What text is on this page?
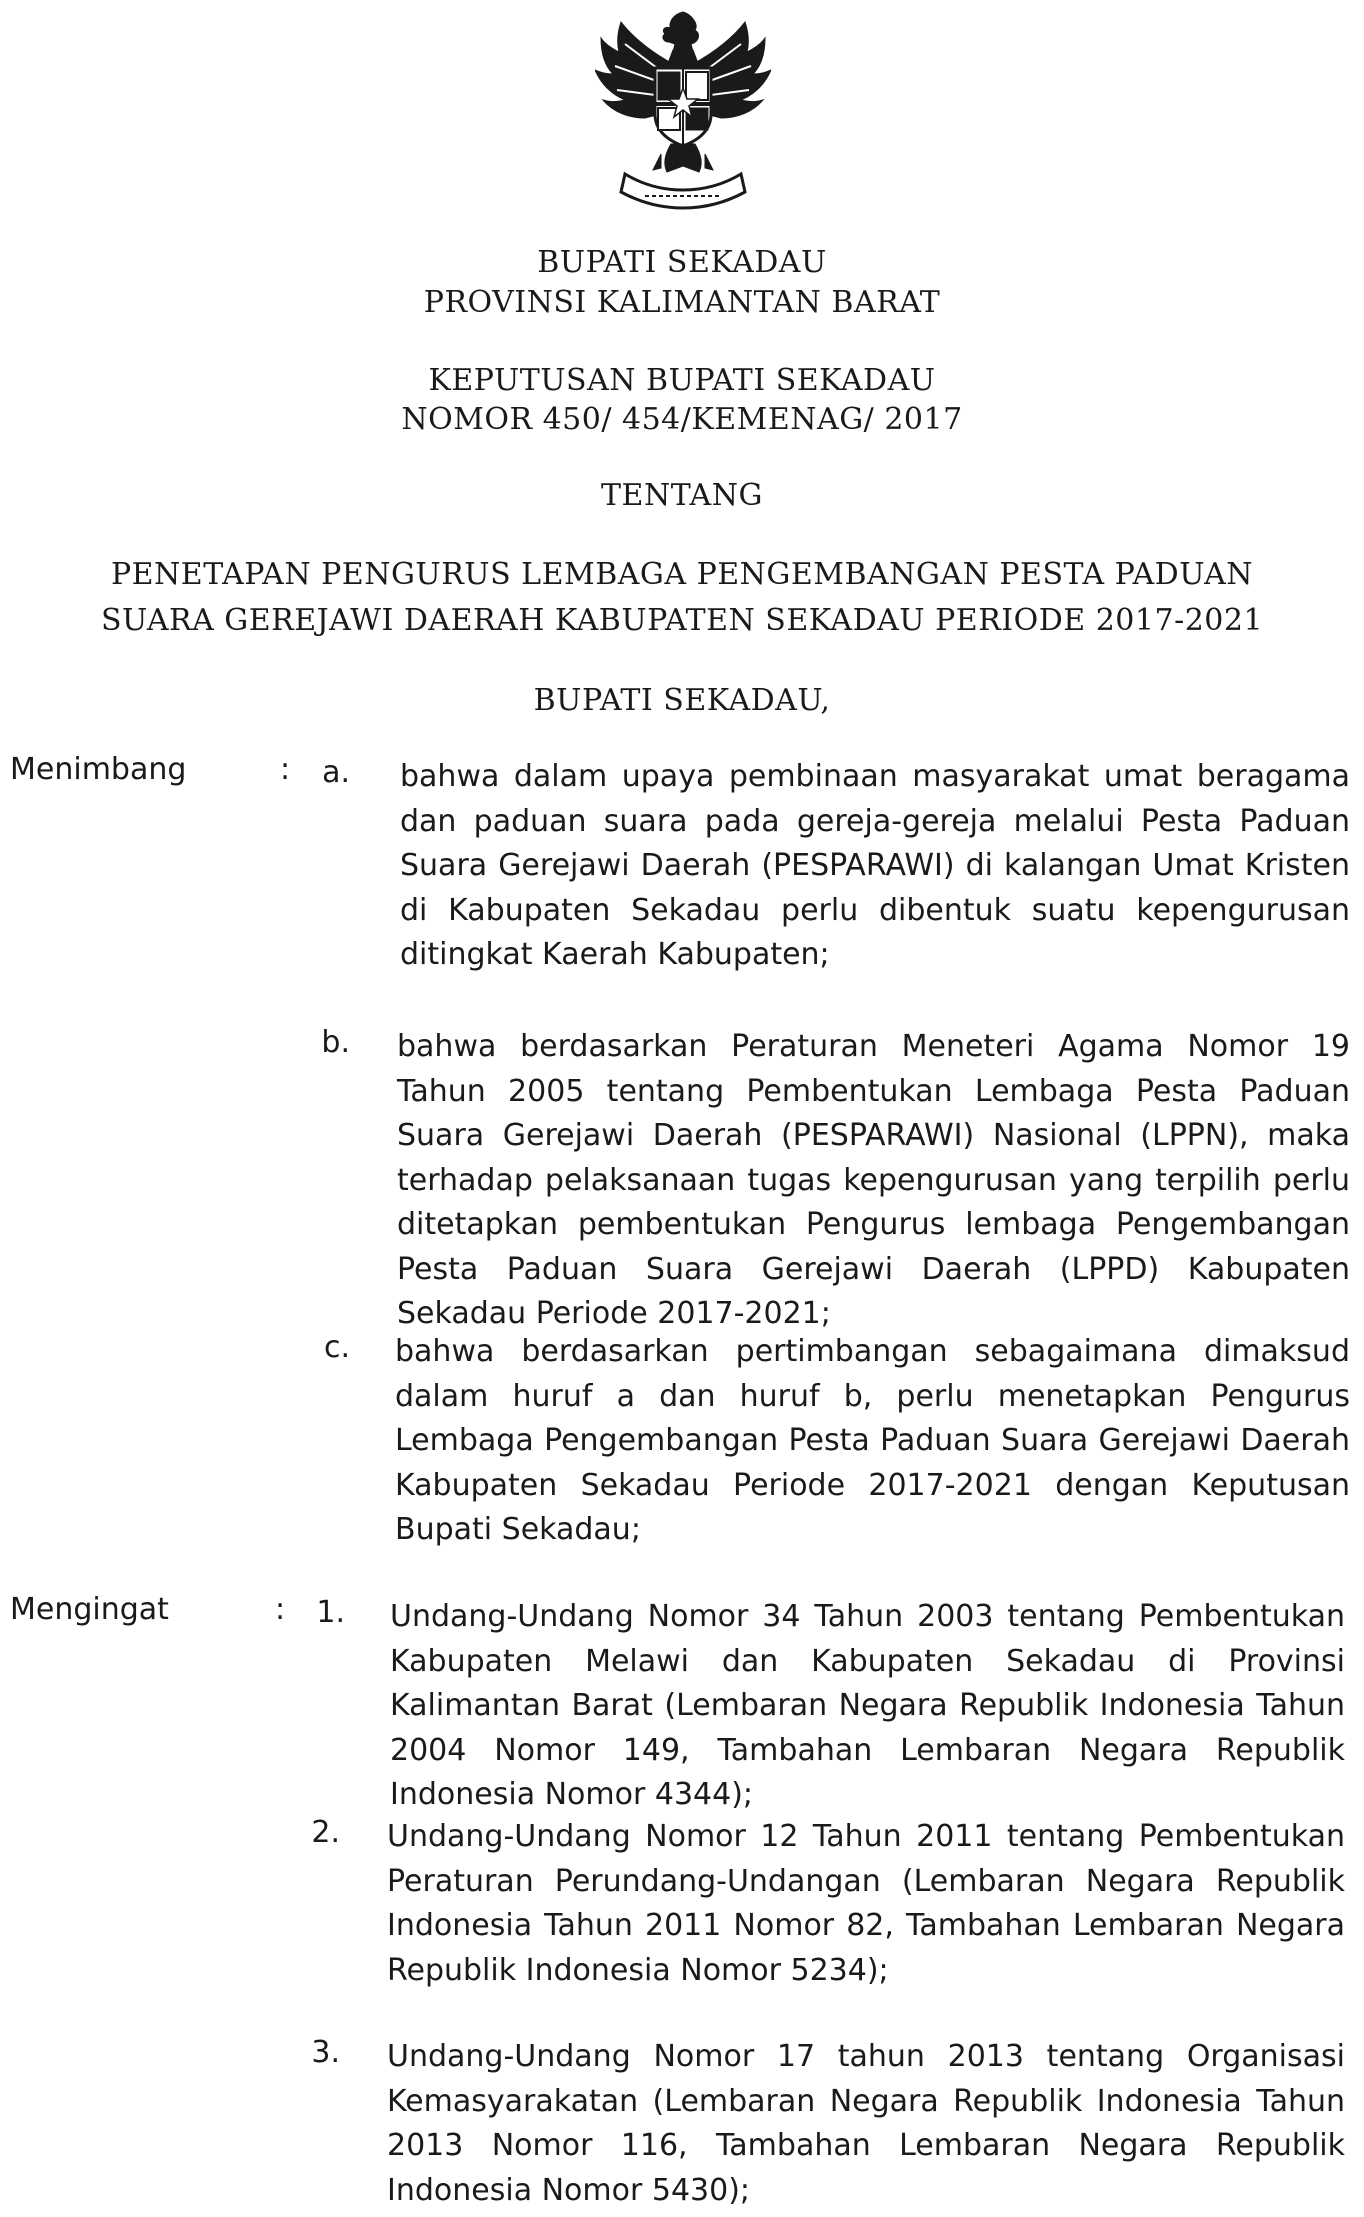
BUPATI SEKADAU
PROVINSI KALIMANTAN BARAT
KEPUTUSAN BUPATI SEKADAU
NOMOR 450/ 454/KEMENAG/ 2017
TENTANG
PENETAPAN PENGURUS LEMBAGA PENGEMBANGAN PESTA PADUAN
SUARA GEREJAWI DAERAH KABUPATEN SEKADAU PERIODE 2017-2021
BUPATI SEKADAU,
Menimbang	:	a. bahwa dalam upaya pembinaan masyarakat umat beragama dan paduan suara pada gereja-gereja melalui Pesta Paduan Suara Gerejawi Daerah (PESPARAWI) di kalangan Umat Kristen di Kabupaten Sekadau perlu dibentuk suatu kepengurusan ditingkat Kaerah Kabupaten;
b. bahwa berdasarkan Peraturan Meneteri Agama Nomor 19 Tahun 2005 tentang Pembentukan Lembaga Pesta Paduan Suara Gerejawi Daerah (PESPARAWI) Nasional (LPPN), maka terhadap pelaksanaan tugas kepengurusan yang terpilih perlu ditetapkan pembentukan Pengurus lembaga Pengembangan Pesta Paduan Suara Gerejawi Daerah (LPPD) Kabupaten Sekadau Periode 2017-2021;
c. bahwa berdasarkan pertimbangan sebagaimana dimaksud dalam huruf a dan huruf b, perlu menetapkan Pengurus Lembaga Pengembangan Pesta Paduan Suara Gerejawi Daerah Kabupaten Sekadau Periode 2017-2021 dengan Keputusan Bupati Sekadau;
Mengingat	:	1. Undang-Undang Nomor 34 Tahun 2003 tentang Pembentukan Kabupaten Melawi dan Kabupaten Sekadau di Provinsi Kalimantan Barat (Lembaran Negara Republik Indonesia Tahun 2004 Nomor 149, Tambahan Lembaran Negara Republik Indonesia Nomor 4344);
2. Undang-Undang Nomor 12 Tahun 2011 tentang Pembentukan Peraturan Perundang-Undangan (Lembaran Negara Republik Indonesia Tahun 2011 Nomor 82, Tambahan Lembaran Negara Republik Indonesia Nomor 5234);
3. Undang-Undang Nomor 17 tahun 2013 tentang Organisasi Kemasyarakatan (Lembaran Negara Republik Indonesia Tahun 2013 Nomor 116, Tambahan Lembaran Negara Republik Indonesia Nomor 5430);
